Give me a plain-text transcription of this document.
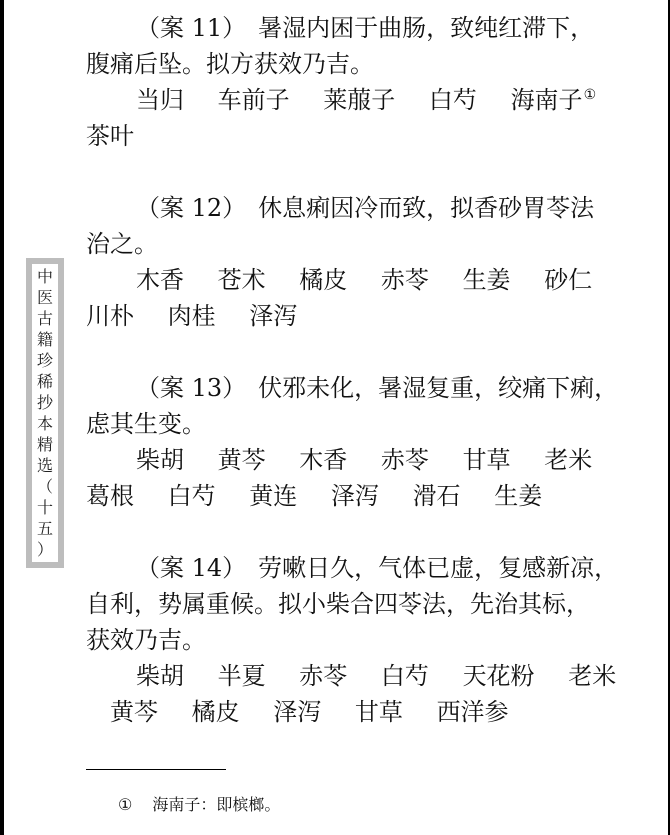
中
医
古
籍
珍
稀
抄
本
精
选
（
十
五
）
（案 11）　暑湿内困于曲肠，致纯红滞下，
腹痛后坠。拟方获效乃吉。
当归 车前子 莱菔子 白芍 海南子①
茶叶
（案 12）　休息痢因冷而致，拟香砂胃苓法
治之。
木香 苍术 橘皮 赤苓 生姜 砂仁
川朴 肉桂 泽泻
（案 13）　伏邪未化，暑湿复重，绞痛下痢，
虑其生变。
柴胡 黄芩 木香 赤苓 甘草 老米
葛根 白芍 黄连 泽泻 滑石 生姜
（案 14）　劳嗽日久，气体已虚，复感新凉，
自利，势属重候。拟小柴合四苓法，先治其标，
获效乃吉。
柴胡 半夏 赤苓 白芍 天花粉 老米
黄芩 橘皮 泽泻 甘草 西洋参
① 海南子：即槟榔。
